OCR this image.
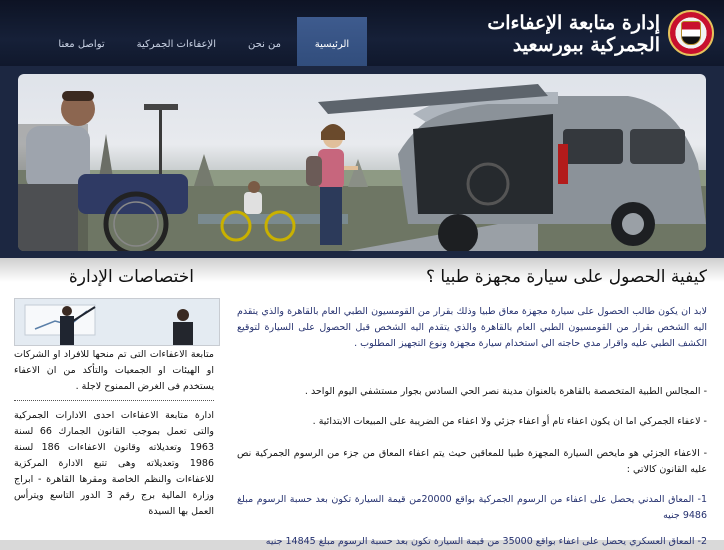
إدارة متابعة الإعفاءات
الجمركية ببورسعيد
الرئيسية
من نحن
الإعفاءات الجمركية
تواصل معنا
كيفية الحصول على سيارة مجهزة طبيا ؟
لابد ان يكون طالب الحصول على سيارة مجهزة معاق طبيا وذلك بقرار من القومسيون الطبي العام بالقاهرة والذي يتقدم اليه الشخص بقرار من القومسيون الطبي العام بالقاهرة والذي يتقدم اليه الشخص قبل الحصول على السيارة لتوقيع الكشف الطبي عليه واقرار مدي حاجته الي استخدام سيارة مجهزة ونوع التجهيز المطلوب .
- المجالس الطبية المتخصصة بالقاهرة بالعنوان مدينة نصر الحي السادس بجوار مستشفي اليوم الواحد .
- لاعفاء الجمركي اما ان يكون اعفاء تام أو اعفاء جزئي ولا اعفاء من الضريبة على المبيعات الابتدائية .
- الاعفاء الجزئي هو مايخص السيارة المجهزة طبيا للمعاقين حيث يتم اعفاء المعاق من جزء من الرسوم الجمركية نص عليه القانون كالاتي :
1- المعاق المدني يحصل على اعفاء من الرسوم الجمركية بواقع 20000من قيمة السيارة تكون بعد حسبة الرسوم مبلغ 9486 جنيه
2- المعاق العسكري يحصل على اعفاء بواقع 35000 من قيمة السيارة تكون بعد حسبة الرسوم مبلغ 14845 جنيه
اختصاصات الإدارة
متابعة الاعفاءات التى تم منحها للافراد او الشركات او الهيئات او الجمعيات والتأكد من ان الاعفاء يستخدم فى الغرض الممنوح لاجلة .
ادارة متابعة الاعفاءات احدى الادارات الجمركية والتى تعمل بموجب القانون الجمارك 66 لسنة 1963 وتعديلاته وقانون الاعفاءات 186 لسنة 1986 وتعديلاته وهى تتبع الادارة المركزية للاعفاءات والنظم الخاصة ومقرها القاهرة - ابراج وزارة المالية برج رقم 3 الدور التاسع ويترأس العمل بها السيدة
